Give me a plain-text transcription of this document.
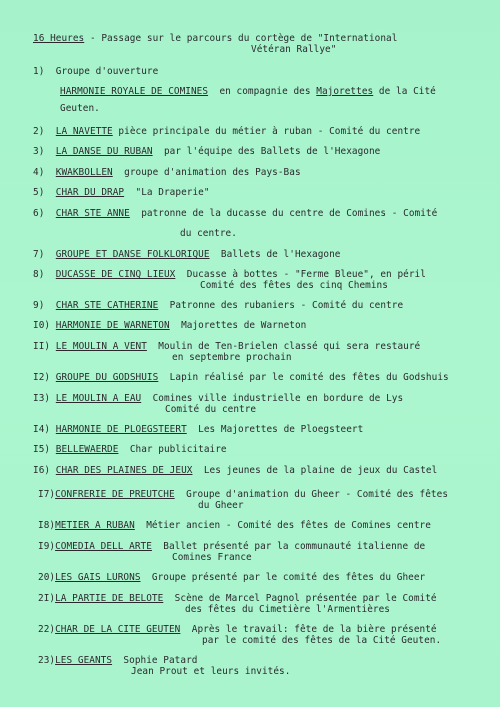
16 Heures - Passage sur le parcours du cortège de "International
Vétéran Rallye"
1) Groupe d'ouverture
HARMONIE ROYALE DE COMINES  en compagnie des Majorettes de la Cité
Geuten.
2) LA NAVETTE pièce principale du métier à ruban - Comité du centre
3) LA DANSE DU RUBAN  par l'équipe des Ballets de l'Hexagone
4) KWAKBOLLEN  groupe d'animation des Pays-Bas
5) CHAR DU DRAP  "La Draperie"
6) CHAR STE ANNE  patronne de la ducasse du centre de Comines - Comité
du centre.
7) GROUPE ET DANSE FOLKLORIQUE  Ballets de l'Hexagone
8) DUCASSE DE CINQ LIEUX  Ducasse à bottes - "Ferme Bleue", en péril
Comité des fêtes des cinq Chemins
9) CHAR STE CATHERINE  Patronne des rubaniers - Comité du centre
I0) HARMONIE DE WARNETON  Majorettes de Warneton
II) LE MOULIN A VENT  Moulin de Ten-Brielen classé qui sera restauré
en septembre prochain
I2) GROUPE DU GODSHUIS  Lapin réalisé par le comité des fêtes du Godshuis
I3) LE MOULIN A EAU  Comines ville industrielle en bordure de Lys
Comité du centre
I4) HARMONIE DE PLOEGSTEERT  Les Majorettes de Ploegsteert
I5) BELLEWAERDE  Char publicitaire
I6) CHAR DES PLAINES DE JEUX  Les jeunes de la plaine de jeux du Castel
I7)CONFRERIE DE PREUTCHE  Groupe d'animation du Gheer - Comité des fêtes
du Gheer
I8)METIER A RUBAN  Métier ancien - Comité des fêtes de Comines centre
I9)COMEDIA DELL ARTE  Ballet présenté par la communauté italienne de
Comines France
20)LES GAIS LURONS  Groupe présenté par le comité des fêtes du Gheer
2I)LA PARTIE DE BELOTE  Scène de Marcel Pagnol présentée par le Comité
des fêtes du Cimetière l'Armentières
22)CHAR DE LA CITE GEUTEN  Après le travail: fête de la bière présenté
par le comité des fêtes de la Cité Geuten.
23)LES GEANTS  Sophie Patard
Jean Prout et leurs invités.
